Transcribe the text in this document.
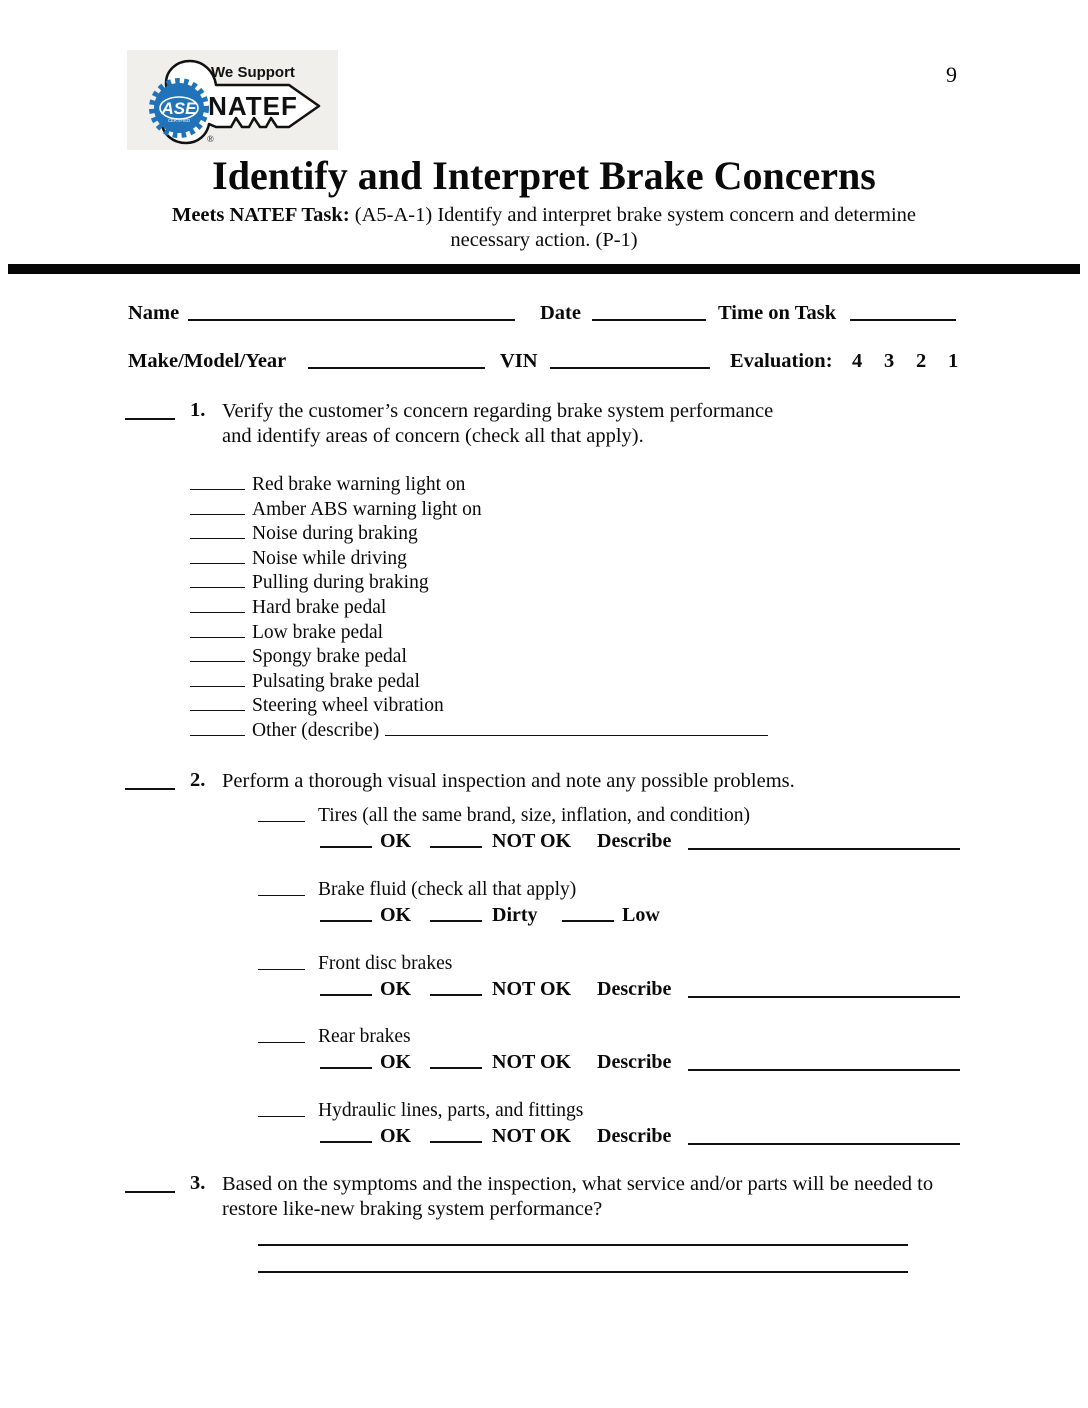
9
We Support
NATEF
ASE
CERTIFIED
®
Identify and Interpret Brake Concerns
Meets NATEF Task: (A5-A-1) Identify and interpret brake system concern and determine
necessary action. (P-1)
Name	Date	Time on Task
Make/Model/Year	VIN	Evaluation: 4 3 2 1
1. Verify the customer’s concern regarding brake system performance
and identify areas of concern (check all that apply).
Red brake warning light on
Amber ABS warning light on
Noise during braking
Noise while driving
Pulling during braking
Hard brake pedal
Low brake pedal
Spongy brake pedal
Pulsating brake pedal
Steering wheel vibration
Other (describe)
2. Perform a thorough visual inspection and note any possible problems.
Tires (all the same brand, size, inflation, and condition)
OK	NOT OK Describe
Brake fluid (check all that apply)
OK	Dirty	Low
Front disc brakes
OK	NOT OK Describe
Rear brakes
OK	NOT OK Describe
Hydraulic lines, parts, and fittings
OK	NOT OK Describe
3. Based on the symptoms and the inspection, what service and/or parts will be needed to
restore like-new braking system performance?
